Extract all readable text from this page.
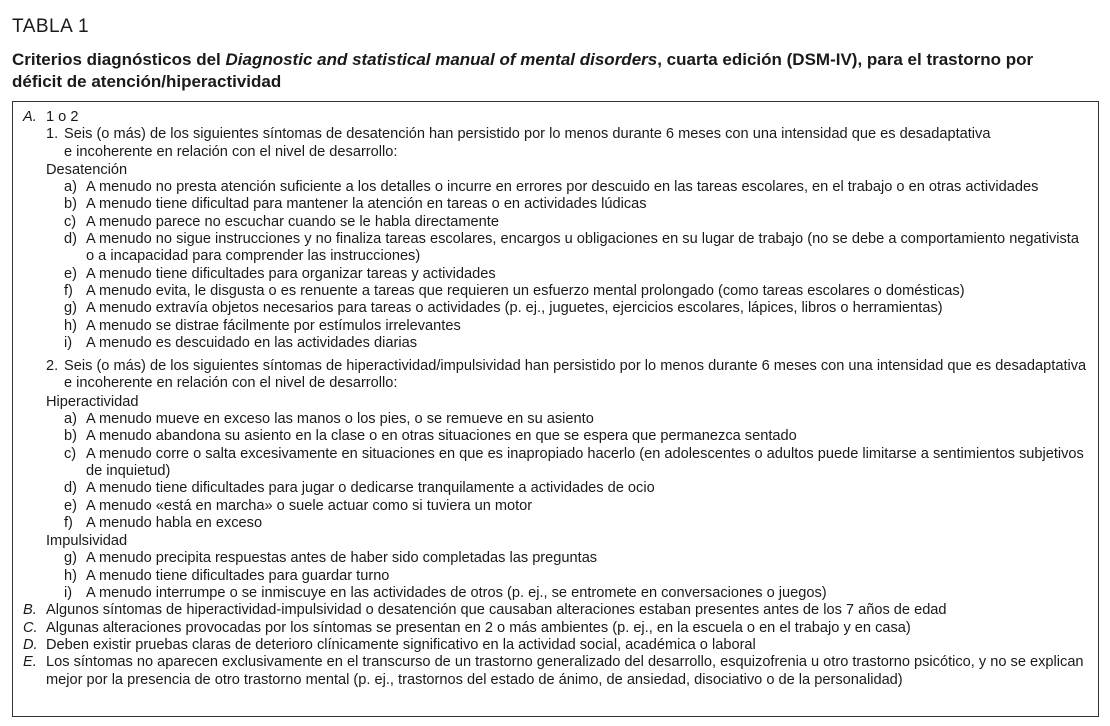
TABLA 1
Criterios diagnósticos del Diagnostic and statistical manual of mental disorders, cuarta edición (DSM-IV), para el trastorno por déficit de atención/hiperactividad
A. 1 o 2
1. Seis (o más) de los siguientes síntomas de desatención han persistido por lo menos durante 6 meses con una intensidad que es desadaptativa
e incoherente en relación con el nivel de desarrollo:
Desatención
a) A menudo no presta atención suficiente a los detalles o incurre en errores por descuido en las tareas escolares, en el trabajo o en otras actividades
b) A menudo tiene dificultad para mantener la atención en tareas o en actividades lúdicas
c) A menudo parece no escuchar cuando se le habla directamente
d) A menudo no sigue instrucciones y no finaliza tareas escolares, encargos u obligaciones en su lugar de trabajo (no se debe a comportamiento negativista o a incapacidad para comprender las instrucciones)
e) A menudo tiene dificultades para organizar tareas y actividades
f) A menudo evita, le disgusta o es renuente a tareas que requieren un esfuerzo mental prolongado (como tareas escolares o domésticas)
g) A menudo extravía objetos necesarios para tareas o actividades (p. ej., juguetes, ejercicios escolares, lápices, libros o herramientas)
h) A menudo se distrae fácilmente por estímulos irrelevantes
i) A menudo es descuidado en las actividades diarias
2. Seis (o más) de los siguientes síntomas de hiperactividad/impulsividad han persistido por lo menos durante 6 meses con una intensidad que es desadaptativa e incoherente en relación con el nivel de desarrollo:
Hiperactividad
a) A menudo mueve en exceso las manos o los pies, o se remueve en su asiento
b) A menudo abandona su asiento en la clase o en otras situaciones en que se espera que permanezca sentado
c) A menudo corre o salta excesivamente en situaciones en que es inapropiado hacerlo (en adolescentes o adultos puede limitarse a sentimientos subjetivos de inquietud)
d) A menudo tiene dificultades para jugar o dedicarse tranquilamente a actividades de ocio
e) A menudo «está en marcha» o suele actuar como si tuviera un motor
f) A menudo habla en exceso
Impulsividad
g) A menudo precipita respuestas antes de haber sido completadas las preguntas
h) A menudo tiene dificultades para guardar turno
i) A menudo interrumpe o se inmiscuye en las actividades de otros (p. ej., se entromete en conversaciones o juegos)
B. Algunos síntomas de hiperactividad-impulsividad o desatención que causaban alteraciones estaban presentes antes de los 7 años de edad
C. Algunas alteraciones provocadas por los síntomas se presentan en 2 o más ambientes (p. ej., en la escuela o en el trabajo y en casa)
D. Deben existir pruebas claras de deterioro clínicamente significativo en la actividad social, académica o laboral
E. Los síntomas no aparecen exclusivamente en el transcurso de un trastorno generalizado del desarrollo, esquizofrenia u otro trastorno psicótico, y no se explican mejor por la presencia de otro trastorno mental (p. ej., trastornos del estado de ánimo, de ansiedad, disociativo o de la personalidad)
